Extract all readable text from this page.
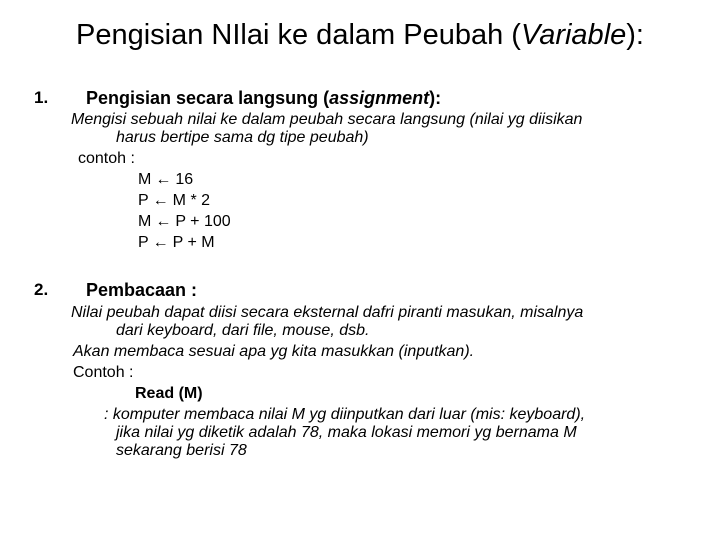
Pengisian NIlai ke dalam Peubah (Variable):
1. Pengisian secara langsung (assignment):
Mengisi sebuah nilai ke dalam peubah secara langsung (nilai yg diisikan
harus bertipe sama dg tipe peubah)
contoh :
M ← 16
P ← M * 2
M ← P + 100
P ← P + M
2. Pembacaan :
Nilai peubah dapat diisi secara eksternal dafri piranti masukan, misalnya
dari keyboard, dari file, mouse, dsb.
Akan membaca sesuai apa yg kita masukkan (inputkan).
Contoh :
Read (M)
: komputer membaca nilai M yg diinputkan dari luar (mis: keyboard),
jika nilai yg diketik adalah 78, maka lokasi memori yg bernama M
sekarang berisi 78
